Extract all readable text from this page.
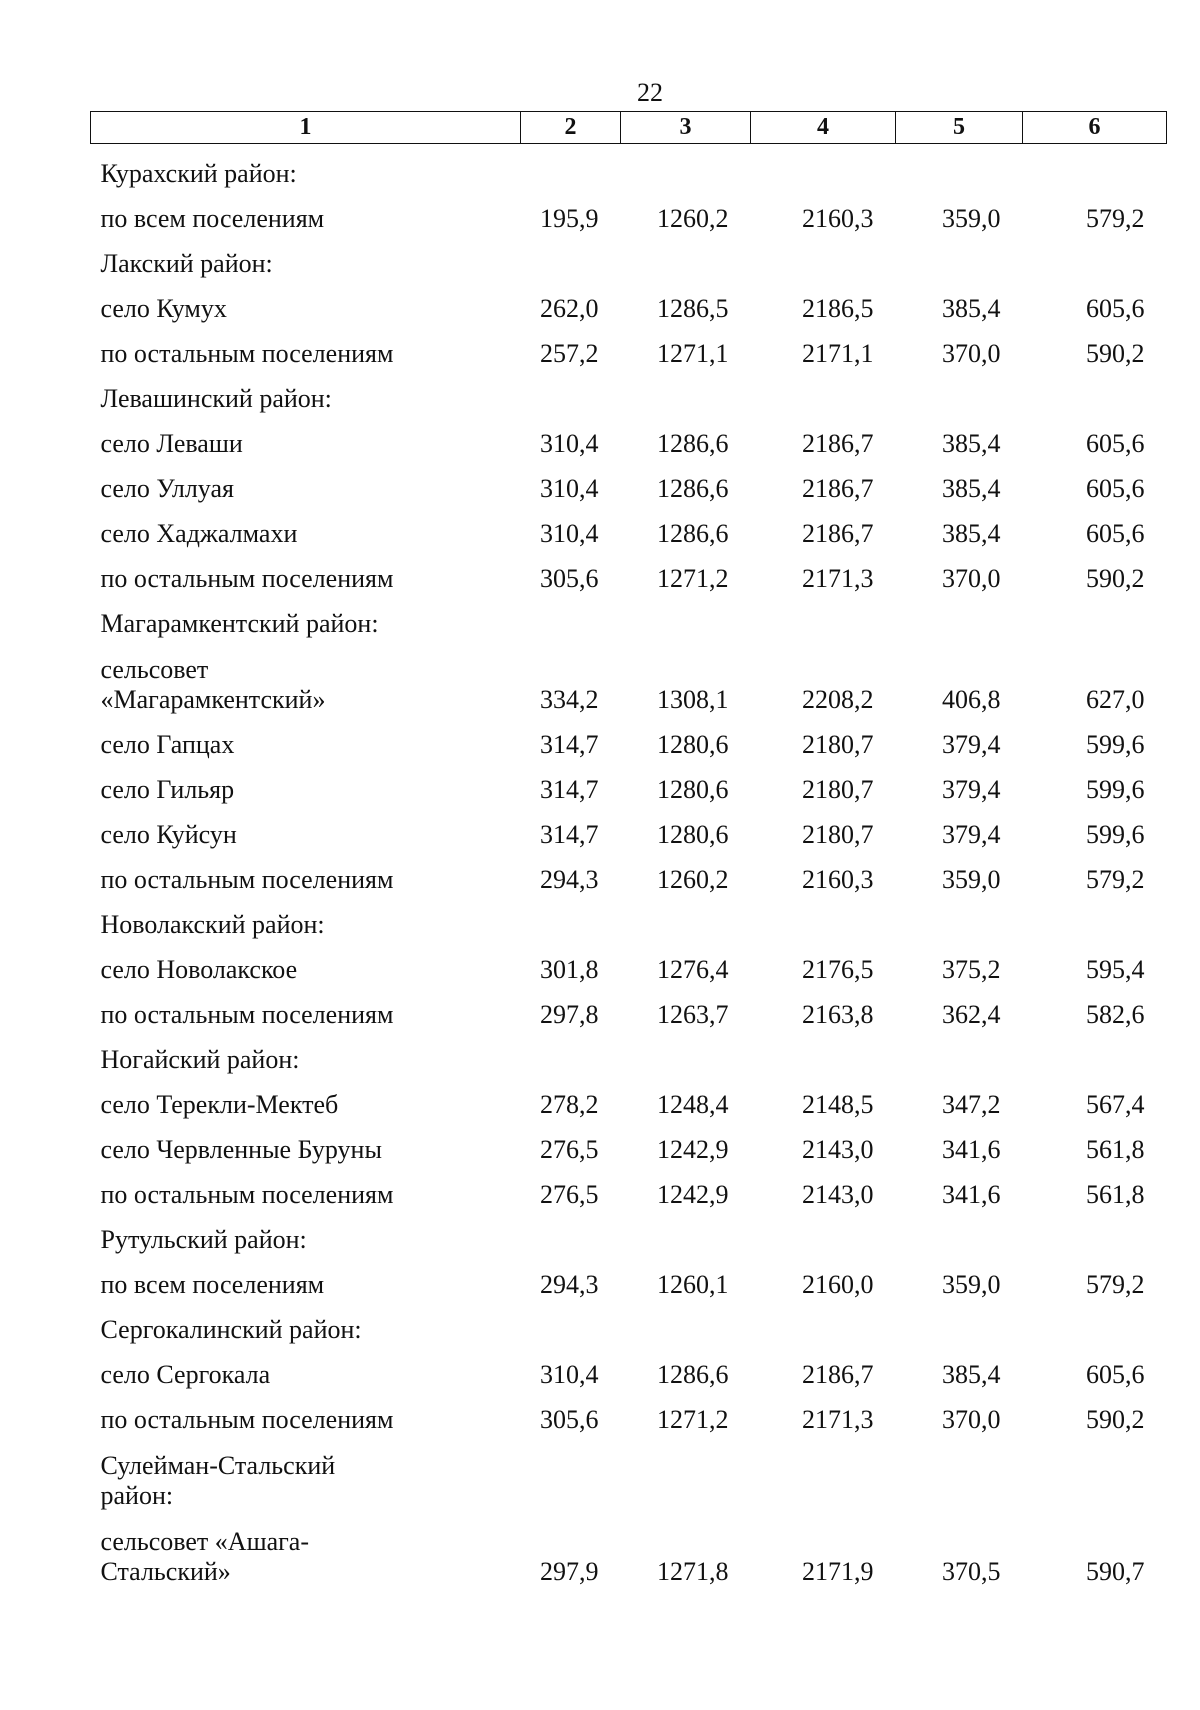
22
1	2	3	4	5	6
Курахский район:					
по всем поселениям	195,9	1260,2	2160,3	359,0	579,2
Лакский район:					
село Кумух	262,0	1286,5	2186,5	385,4	605,6
по остальным поселениям	257,2	1271,1	2171,1	370,0	590,2
Левашинский район:					
село Леваши	310,4	1286,6	2186,7	385,4	605,6
село Уллуая	310,4	1286,6	2186,7	385,4	605,6
село Хаджалмахи	310,4	1286,6	2186,7	385,4	605,6
по остальным поселениям	305,6	1271,2	2171,3	370,0	590,2
Магарамкентский район:					
сельсовет «Магарамкентский»	334,2	1308,1	2208,2	406,8	627,0
село Гапцах	314,7	1280,6	2180,7	379,4	599,6
село Гильяр	314,7	1280,6	2180,7	379,4	599,6
село Куйсун	314,7	1280,6	2180,7	379,4	599,6
по остальным поселениям	294,3	1260,2	2160,3	359,0	579,2
Новолакский район:					
село Новолакское	301,8	1276,4	2176,5	375,2	595,4
по остальным поселениям	297,8	1263,7	2163,8	362,4	582,6
Ногайский район:					
село Терекли-Мектеб	278,2	1248,4	2148,5	347,2	567,4
село Червленные Буруны	276,5	1242,9	2143,0	341,6	561,8
по остальным поселениям	276,5	1242,9	2143,0	341,6	561,8
Рутульский район:					
по всем поселениям	294,3	1260,1	2160,0	359,0	579,2
Сергокалинский район:					
село Сергокала	310,4	1286,6	2186,7	385,4	605,6
по остальным поселениям	305,6	1271,2	2171,3	370,0	590,2
Сулейман-Стальский район:					
сельсовет «Ашага-Стальский»	297,9	1271,8	2171,9	370,5	590,7
